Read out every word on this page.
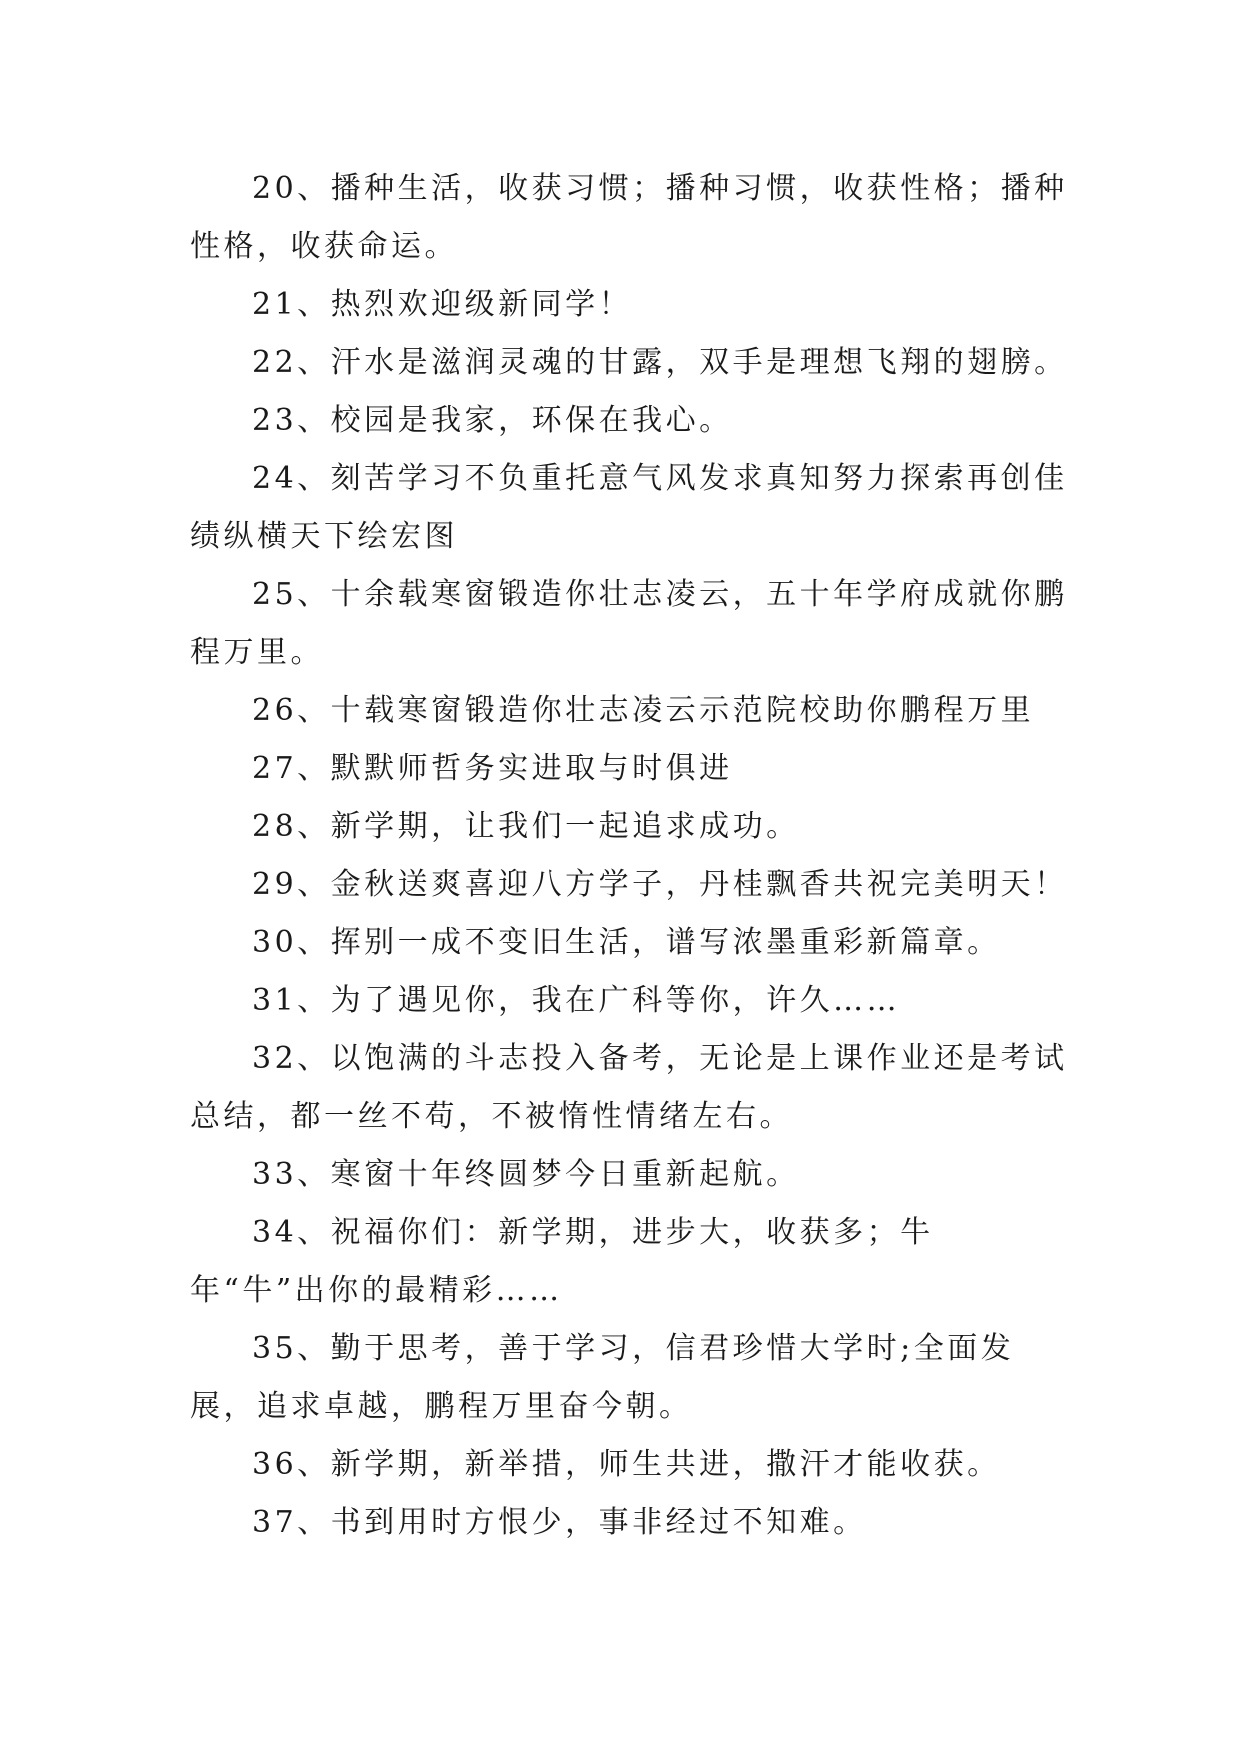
20、播种生活，收获习惯；播种习惯，收获性格；播种性格，收获命运。

21、热烈欢迎级新同学！

22、汗水是滋润灵魂的甘露，双手是理想飞翔的翅膀。

23、校园是我家，环保在我心。

24、刻苦学习不负重托意气风发求真知努力探索再创佳绩纵横天下绘宏图

25、十余载寒窗锻造你壮志凌云，五十年学府成就你鹏程万里。

26、十载寒窗锻造你壮志凌云示范院校助你鹏程万里

27、默默师哲务实进取与时俱进

28、新学期，让我们一起追求成功。

29、金秋送爽喜迎八方学子，丹桂飘香共祝完美明天！

30、挥别一成不变旧生活，谱写浓墨重彩新篇章。

31、为了遇见你，我在广科等你，许久……

32、以饱满的斗志投入备考，无论是上课作业还是考试总结，都一丝不苟，不被惰性情绪左右。

33、寒窗十年终圆梦今日重新起航。

34、祝福你们：新学期，进步大，收获多；牛年“牛”出你的最精彩……

35、勤于思考，善于学习，信君珍惜大学时;全面发展，追求卓越，鹏程万里奋今朝。

36、新学期，新举措，师生共进，撒汗才能收获。

37、书到用时方恨少，事非经过不知难。
